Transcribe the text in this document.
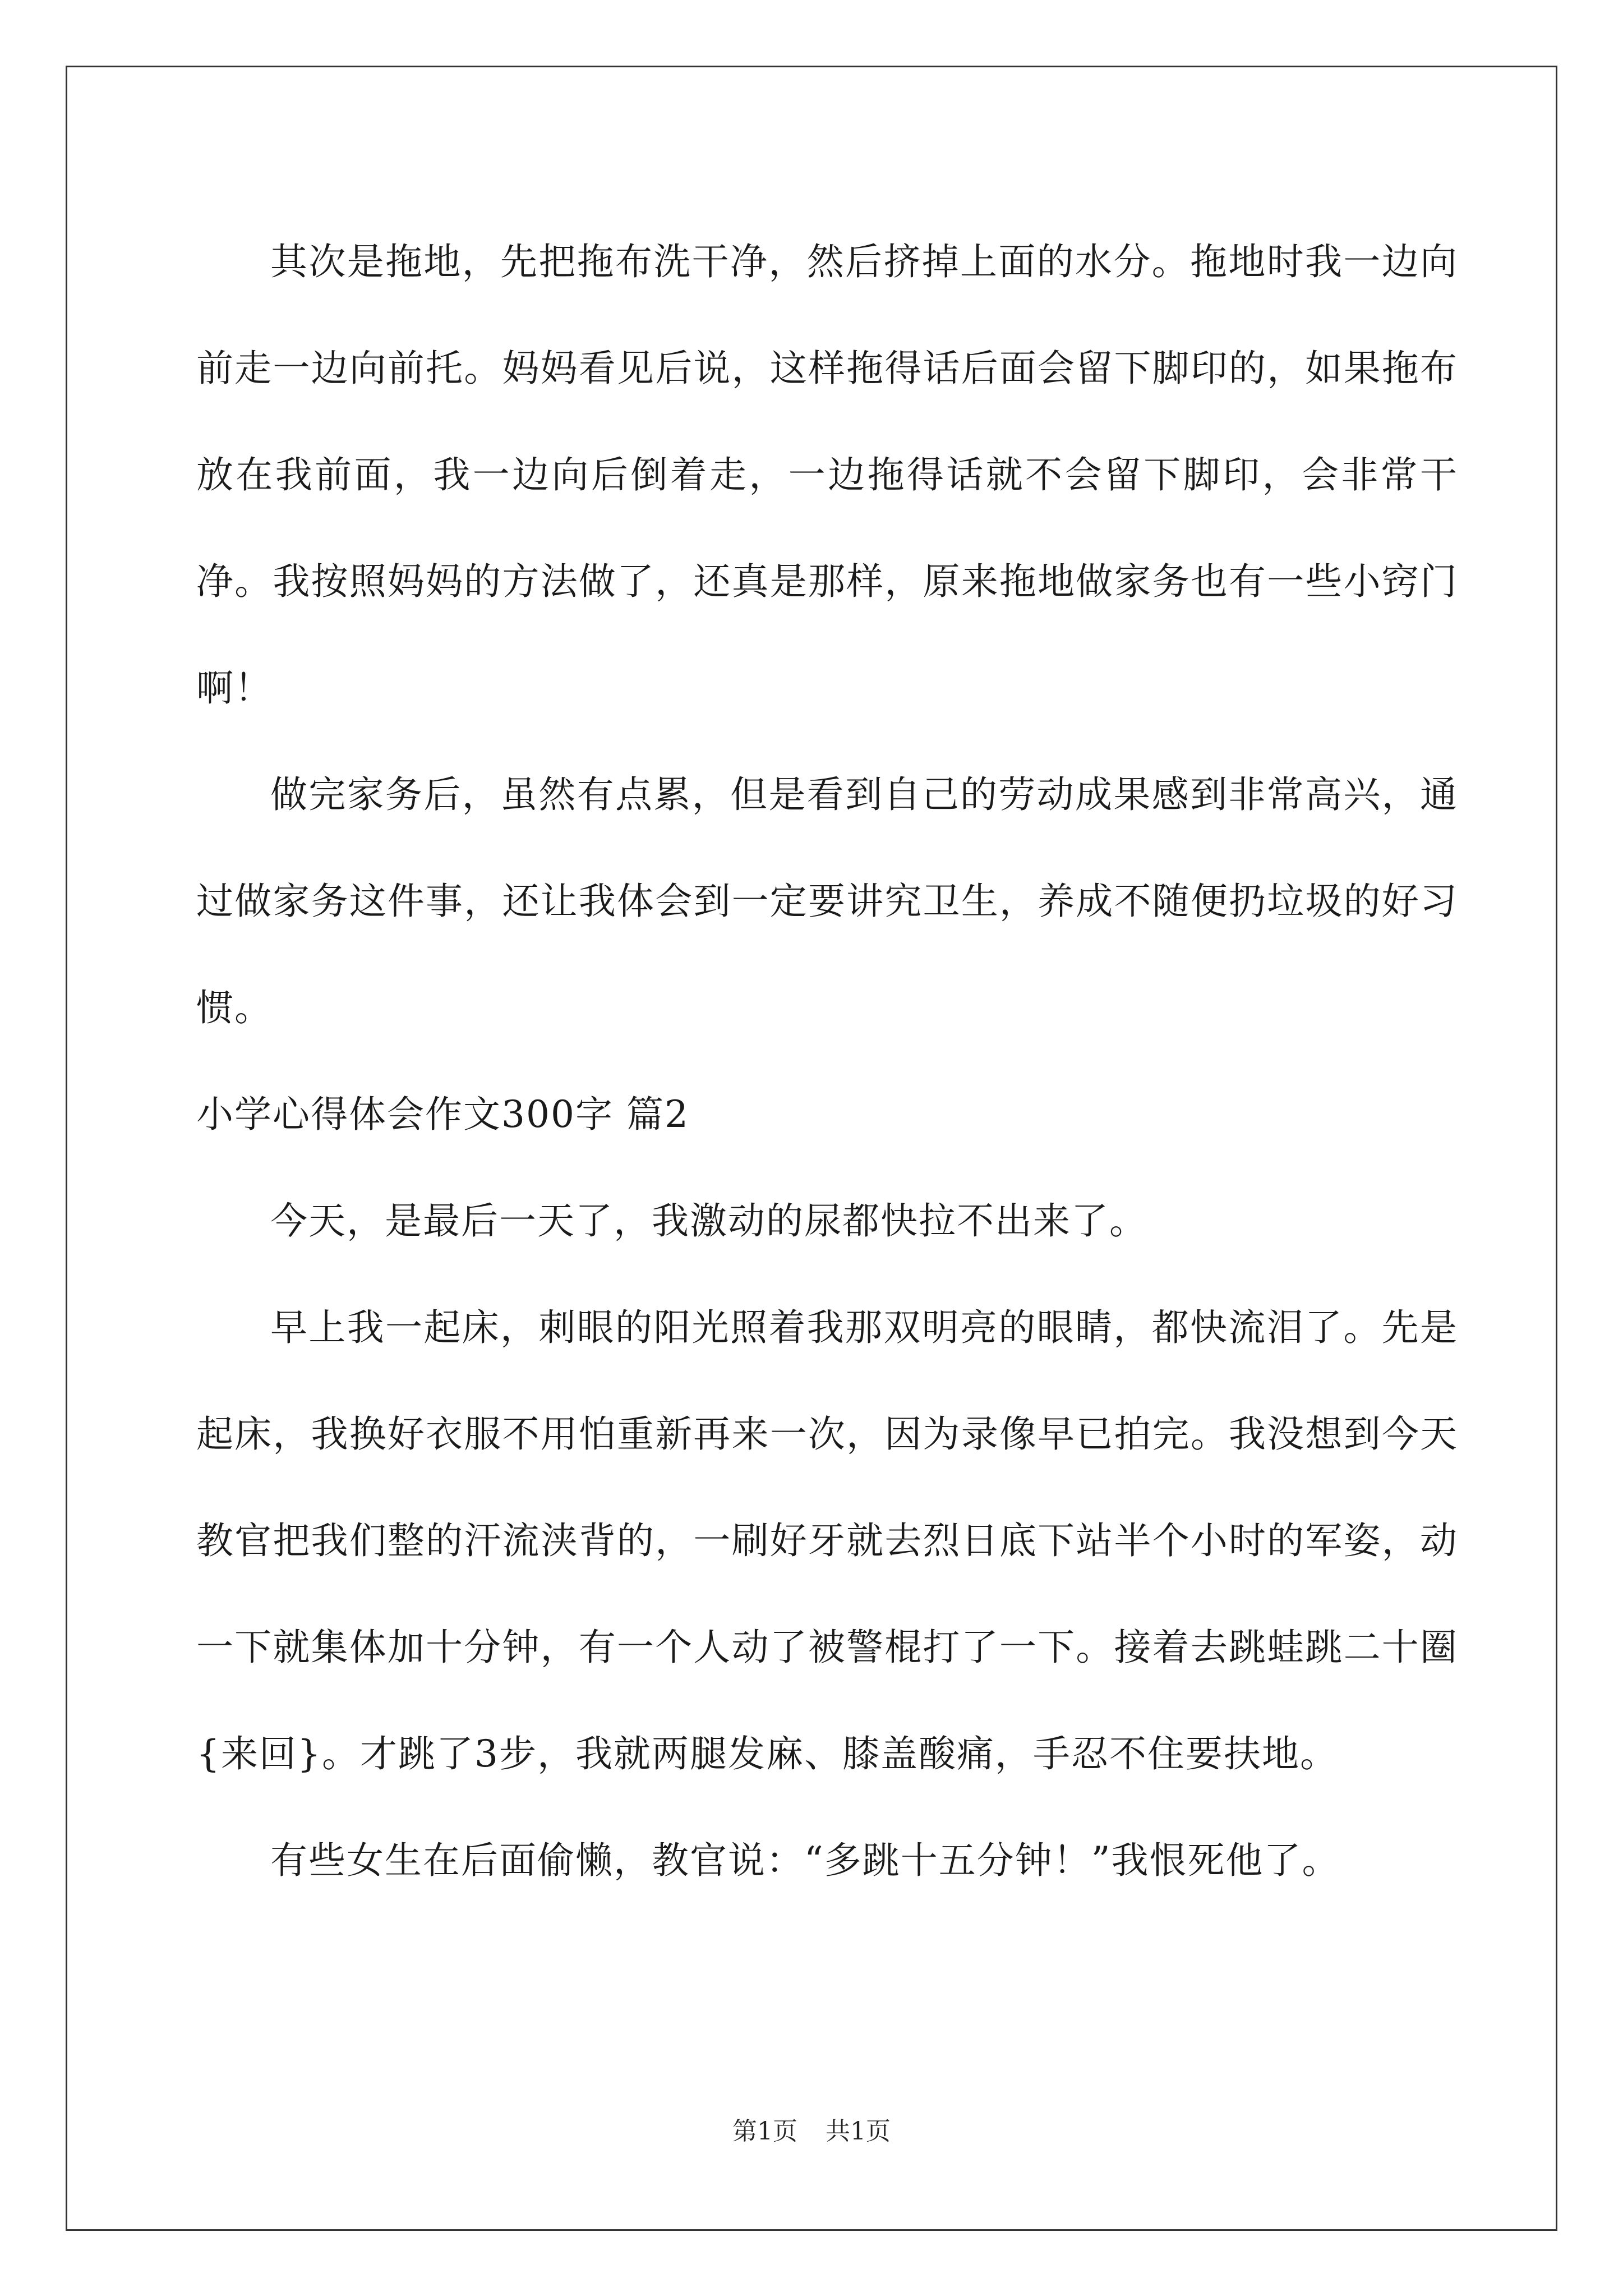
其次是拖地，先把拖布洗干净，然后挤掉上面的水分。拖地时我一边向前走一边向前托。妈妈看见后说，这样拖得话后面会留下脚印的，如果拖布放在我前面，我一边向后倒着走，一边拖得话就不会留下脚印，会非常干净。我按照妈妈的方法做了，还真是那样，原来拖地做家务也有一些小窍门啊！

做完家务后，虽然有点累，但是看到自己的劳动成果感到非常高兴，通过做家务这件事，还让我体会到一定要讲究卫生，养成不随便扔垃圾的好习惯。

小学心得体会作文300字 篇2

今天，是最后一天了，我激动的尿都快拉不出来了。

早上我一起床，刺眼的阳光照着我那双明亮的眼睛，都快流泪了。先是起床，我换好衣服不用怕重新再来一次，因为录像早已拍完。我没想到今天教官把我们整的汗流浃背的，一刷好牙就去烈日底下站半个小时的军姿，动一下就集体加十分钟，有一个人动了被警棍打了一下。接着去跳蛙跳二十圈{来回}。才跳了3步，我就两腿发麻、膝盖酸痛，手忍不住要扶地。

有些女生在后面偷懒，教官说：“多跳十五分钟！”我恨死他了。

第1页 共1页
